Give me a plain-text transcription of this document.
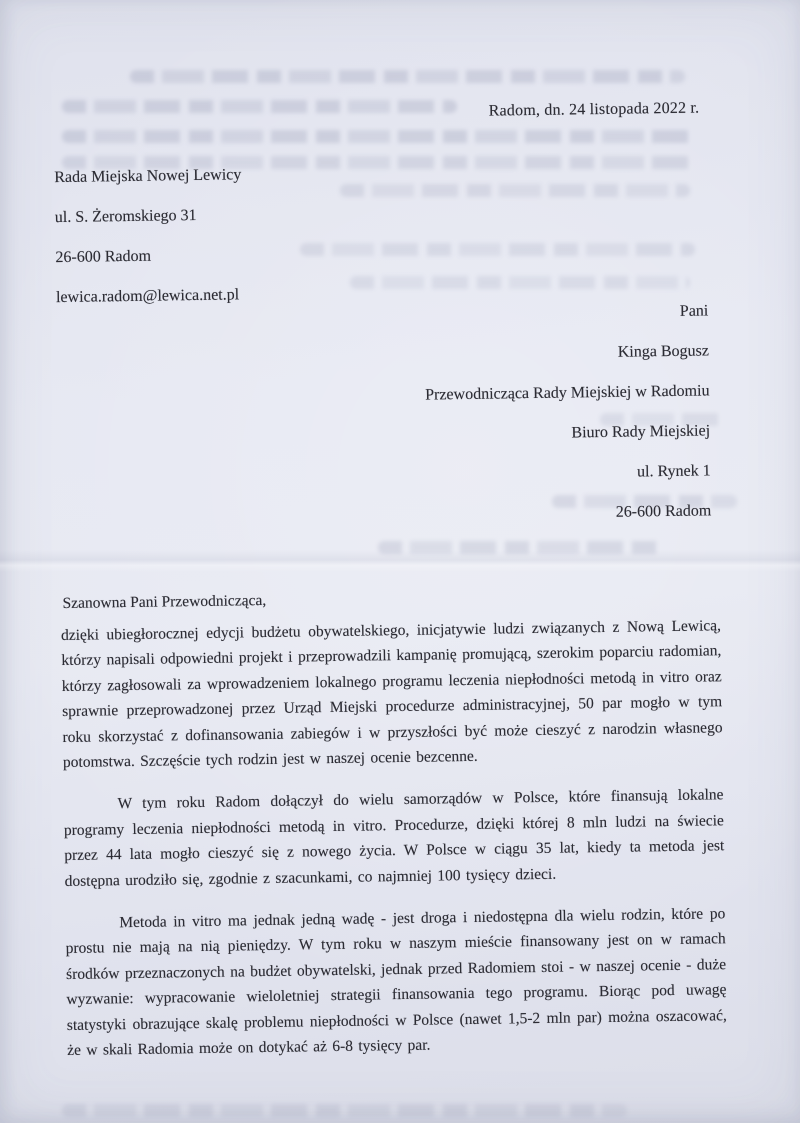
Radom, dn. 24 listopada 2022 r.
Rada Miejska Nowej Lewicy
ul. S. Żeromskiego 31
26-600 Radom
lewica.radom@lewica.net.pl
Pani
Kinga Bogusz
Przewodnicząca Rady Miejskiej w Radomiu
Biuro Rady Miejskiej
ul. Rynek 1
26-600 Radom

Szanowna Pani Przewodnicząca,

dzięki ubiegłorocznej edycji budżetu obywatelskiego, inicjatywie ludzi związanych z Nową Lewicą, którzy napisali odpowiedni projekt i przeprowadzili kampanię promującą, szerokim poparciu radomian, którzy zagłosowali za wprowadzeniem lokalnego programu leczenia niepłodności metodą in vitro oraz sprawnie przeprowadzonej przez Urząd Miejski procedurze administracyjnej, 50 par mogło w tym roku skorzystać z dofinansowania zabiegów i w przyszłości być może cieszyć z narodzin własnego potomstwa. Szczęście tych rodzin jest w naszej ocenie bezcenne.

W tym roku Radom dołączył do wielu samorządów w Polsce, które finansują lokalne programy leczenia niepłodności metodą in vitro. Procedurze, dzięki której 8 mln ludzi na świecie przez 44 lata mogło cieszyć się z nowego życia. W Polsce w ciągu 35 lat, kiedy ta metoda jest dostępna urodziło się, zgodnie z szacunkami, co najmniej 100 tysięcy dzieci.

Metoda in vitro ma jednak jedną wadę - jest droga i niedostępna dla wielu rodzin, które po prostu nie mają na nią pieniędzy. W tym roku w naszym mieście finansowany jest on w ramach środków przeznaczonych na budżet obywatelski, jednak przed Radomiem stoi - w naszej ocenie - duże wyzwanie: wypracowanie wieloletniej strategii finansowania tego programu. Biorąc pod uwagę statystyki obrazujące skalę problemu niepłodności w Polsce (nawet 1,5-2 mln par) można oszacować, że w skali Radomia może on dotykać aż 6-8 tysięcy par.
